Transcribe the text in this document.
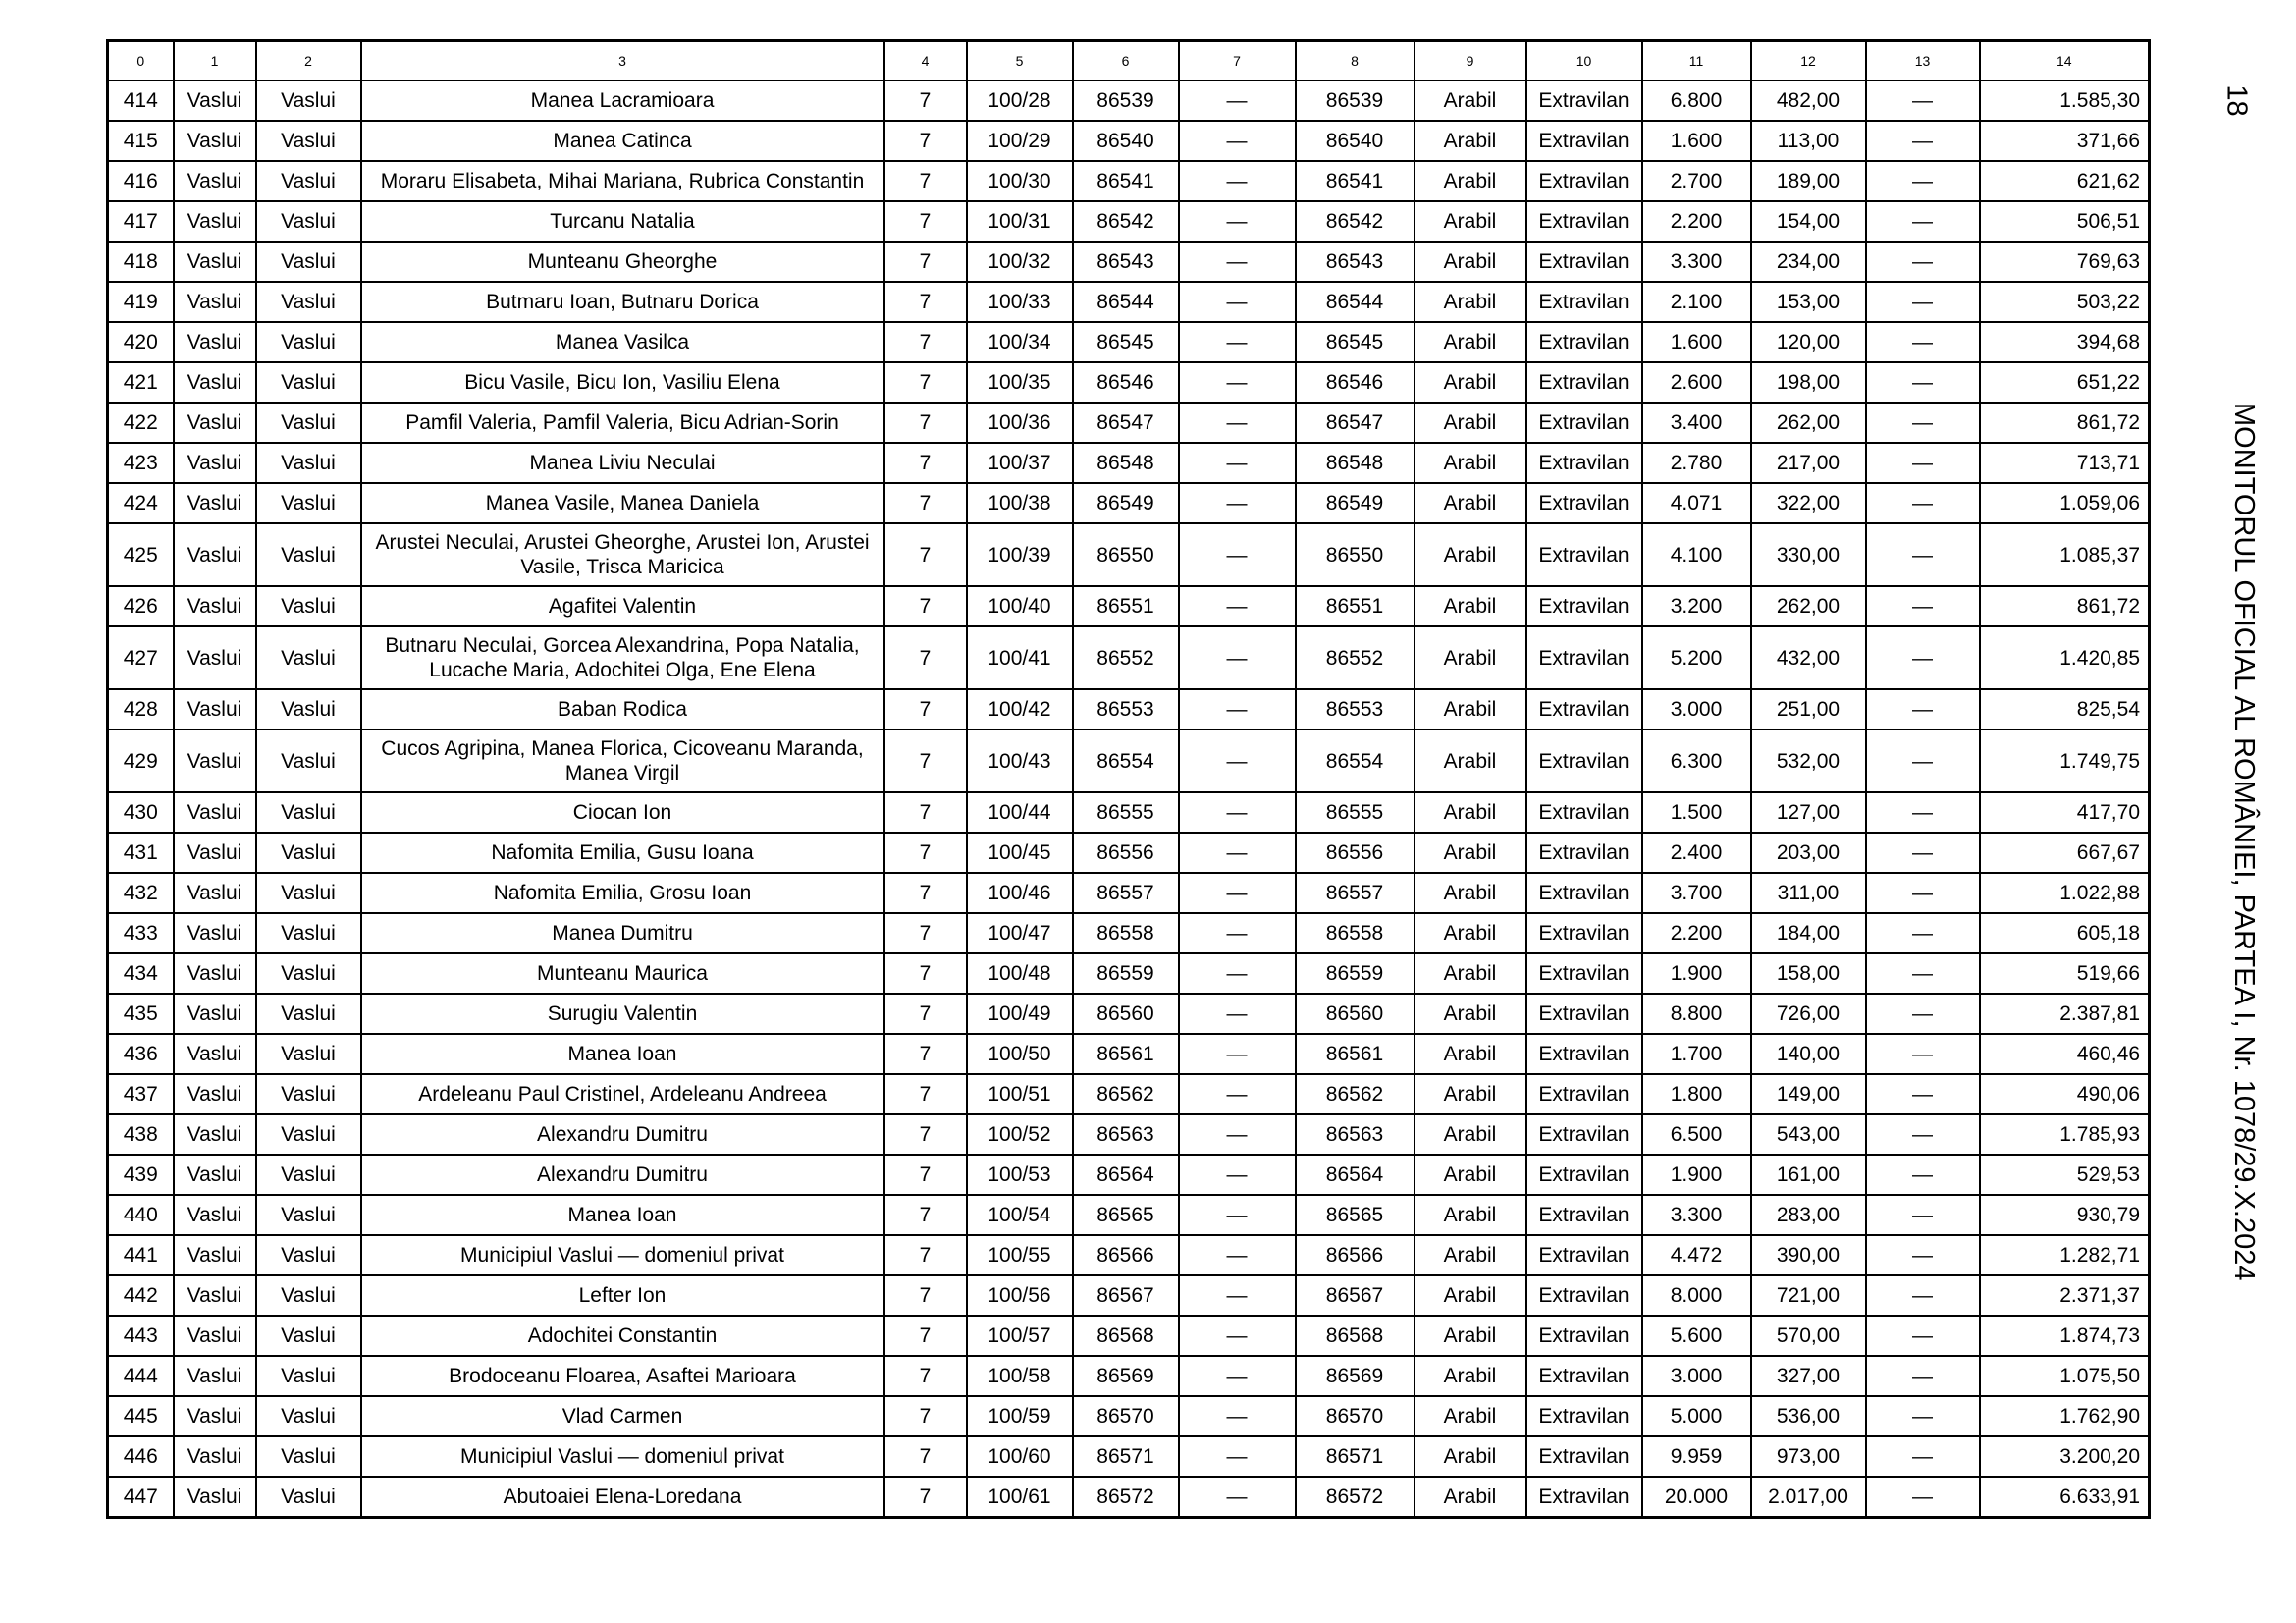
0	1	2	3	4	5	6	7	8	9	10	11	12	13	14
414	Vaslui	Vaslui	Manea Lacramioara	7	100/28	86539	—	86539	Arabil	Extravilan	6.800	482,00	—	1.585,30
415	Vaslui	Vaslui	Manea Catinca	7	100/29	86540	—	86540	Arabil	Extravilan	1.600	113,00	—	371,66
416	Vaslui	Vaslui	Moraru Elisabeta, Mihai Mariana, Rubrica Constantin	7	100/30	86541	—	86541	Arabil	Extravilan	2.700	189,00	—	621,62
417	Vaslui	Vaslui	Turcanu Natalia	7	100/31	86542	—	86542	Arabil	Extravilan	2.200	154,00	—	506,51
418	Vaslui	Vaslui	Munteanu Gheorghe	7	100/32	86543	—	86543	Arabil	Extravilan	3.300	234,00	—	769,63
419	Vaslui	Vaslui	Butmaru Ioan, Butnaru Dorica	7	100/33	86544	—	86544	Arabil	Extravilan	2.100	153,00	—	503,22
420	Vaslui	Vaslui	Manea Vasilca	7	100/34	86545	—	86545	Arabil	Extravilan	1.600	120,00	—	394,68
421	Vaslui	Vaslui	Bicu Vasile, Bicu Ion, Vasiliu Elena	7	100/35	86546	—	86546	Arabil	Extravilan	2.600	198,00	—	651,22
422	Vaslui	Vaslui	Pamfil Valeria, Pamfil Valeria, Bicu Adrian-Sorin	7	100/36	86547	—	86547	Arabil	Extravilan	3.400	262,00	—	861,72
423	Vaslui	Vaslui	Manea Liviu Neculai	7	100/37	86548	—	86548	Arabil	Extravilan	2.780	217,00	—	713,71
424	Vaslui	Vaslui	Manea Vasile, Manea Daniela	7	100/38	86549	—	86549	Arabil	Extravilan	4.071	322,00	—	1.059,06
425	Vaslui	Vaslui	Arustei Neculai, Arustei Gheorghe, Arustei Ion, Arustei Vasile, Trisca Maricica	7	100/39	86550	—	86550	Arabil	Extravilan	4.100	330,00	—	1.085,37
426	Vaslui	Vaslui	Agafitei Valentin	7	100/40	86551	—	86551	Arabil	Extravilan	3.200	262,00	—	861,72
427	Vaslui	Vaslui	Butnaru Neculai, Gorcea Alexandrina, Popa Natalia, Lucache Maria, Adochitei Olga, Ene Elena	7	100/41	86552	—	86552	Arabil	Extravilan	5.200	432,00	—	1.420,85
428	Vaslui	Vaslui	Baban Rodica	7	100/42	86553	—	86553	Arabil	Extravilan	3.000	251,00	—	825,54
429	Vaslui	Vaslui	Cucos Agripina, Manea Florica, Cicoveanu Maranda, Manea Virgil	7	100/43	86554	—	86554	Arabil	Extravilan	6.300	532,00	—	1.749,75
430	Vaslui	Vaslui	Ciocan Ion	7	100/44	86555	—	86555	Arabil	Extravilan	1.500	127,00	—	417,70
431	Vaslui	Vaslui	Nafomita Emilia, Gusu Ioana	7	100/45	86556	—	86556	Arabil	Extravilan	2.400	203,00	—	667,67
432	Vaslui	Vaslui	Nafomita Emilia, Grosu Ioan	7	100/46	86557	—	86557	Arabil	Extravilan	3.700	311,00	—	1.022,88
433	Vaslui	Vaslui	Manea Dumitru	7	100/47	86558	—	86558	Arabil	Extravilan	2.200	184,00	—	605,18
434	Vaslui	Vaslui	Munteanu Maurica	7	100/48	86559	—	86559	Arabil	Extravilan	1.900	158,00	—	519,66
435	Vaslui	Vaslui	Surugiu Valentin	7	100/49	86560	—	86560	Arabil	Extravilan	8.800	726,00	—	2.387,81
436	Vaslui	Vaslui	Manea Ioan	7	100/50	86561	—	86561	Arabil	Extravilan	1.700	140,00	—	460,46
437	Vaslui	Vaslui	Ardeleanu Paul Cristinel, Ardeleanu Andreea	7	100/51	86562	—	86562	Arabil	Extravilan	1.800	149,00	—	490,06
438	Vaslui	Vaslui	Alexandru Dumitru	7	100/52	86563	—	86563	Arabil	Extravilan	6.500	543,00	—	1.785,93
439	Vaslui	Vaslui	Alexandru Dumitru	7	100/53	86564	—	86564	Arabil	Extravilan	1.900	161,00	—	529,53
440	Vaslui	Vaslui	Manea Ioan	7	100/54	86565	—	86565	Arabil	Extravilan	3.300	283,00	—	930,79
441	Vaslui	Vaslui	Municipiul Vaslui — domeniul privat	7	100/55	86566	—	86566	Arabil	Extravilan	4.472	390,00	—	1.282,71
442	Vaslui	Vaslui	Lefter Ion	7	100/56	86567	—	86567	Arabil	Extravilan	8.000	721,00	—	2.371,37
443	Vaslui	Vaslui	Adochitei Constantin	7	100/57	86568	—	86568	Arabil	Extravilan	5.600	570,00	—	1.874,73
444	Vaslui	Vaslui	Brodoceanu Floarea, Asaftei Marioara	7	100/58	86569	—	86569	Arabil	Extravilan	3.000	327,00	—	1.075,50
445	Vaslui	Vaslui	Vlad Carmen	7	100/59	86570	—	86570	Arabil	Extravilan	5.000	536,00	—	1.762,90
446	Vaslui	Vaslui	Municipiul Vaslui — domeniul privat	7	100/60	86571	—	86571	Arabil	Extravilan	9.959	973,00	—	3.200,20
447	Vaslui	Vaslui	Abutoaiei Elena-Loredana	7	100/61	86572	—	86572	Arabil	Extravilan	20.000	2.017,00	—	6.633,91
18
MONITORUL OFICIAL AL ROMÂNIEI, PARTEA I, Nr. 1078/29.X.2024
